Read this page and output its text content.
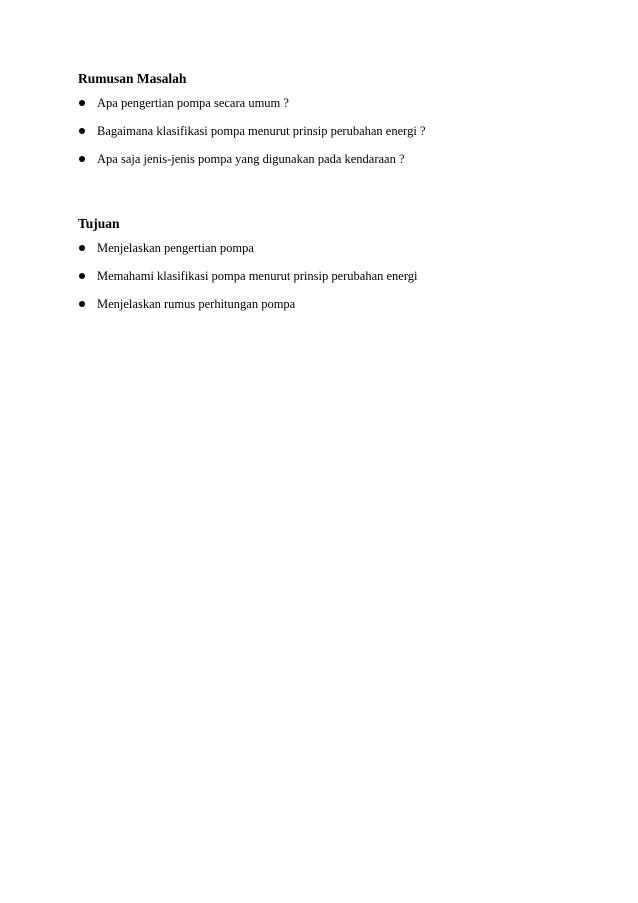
Rumusan Masalah
Apa pengertian pompa secara umum ?
Bagaimana klasifikasi pompa menurut prinsip perubahan energi ?
Apa saja jenis-jenis pompa yang digunakan pada kendaraan ?
Tujuan
Menjelaskan pengertian pompa
Memahami klasifikasi pompa menurut prinsip perubahan energi
Menjelaskan rumus perhitungan pompa
